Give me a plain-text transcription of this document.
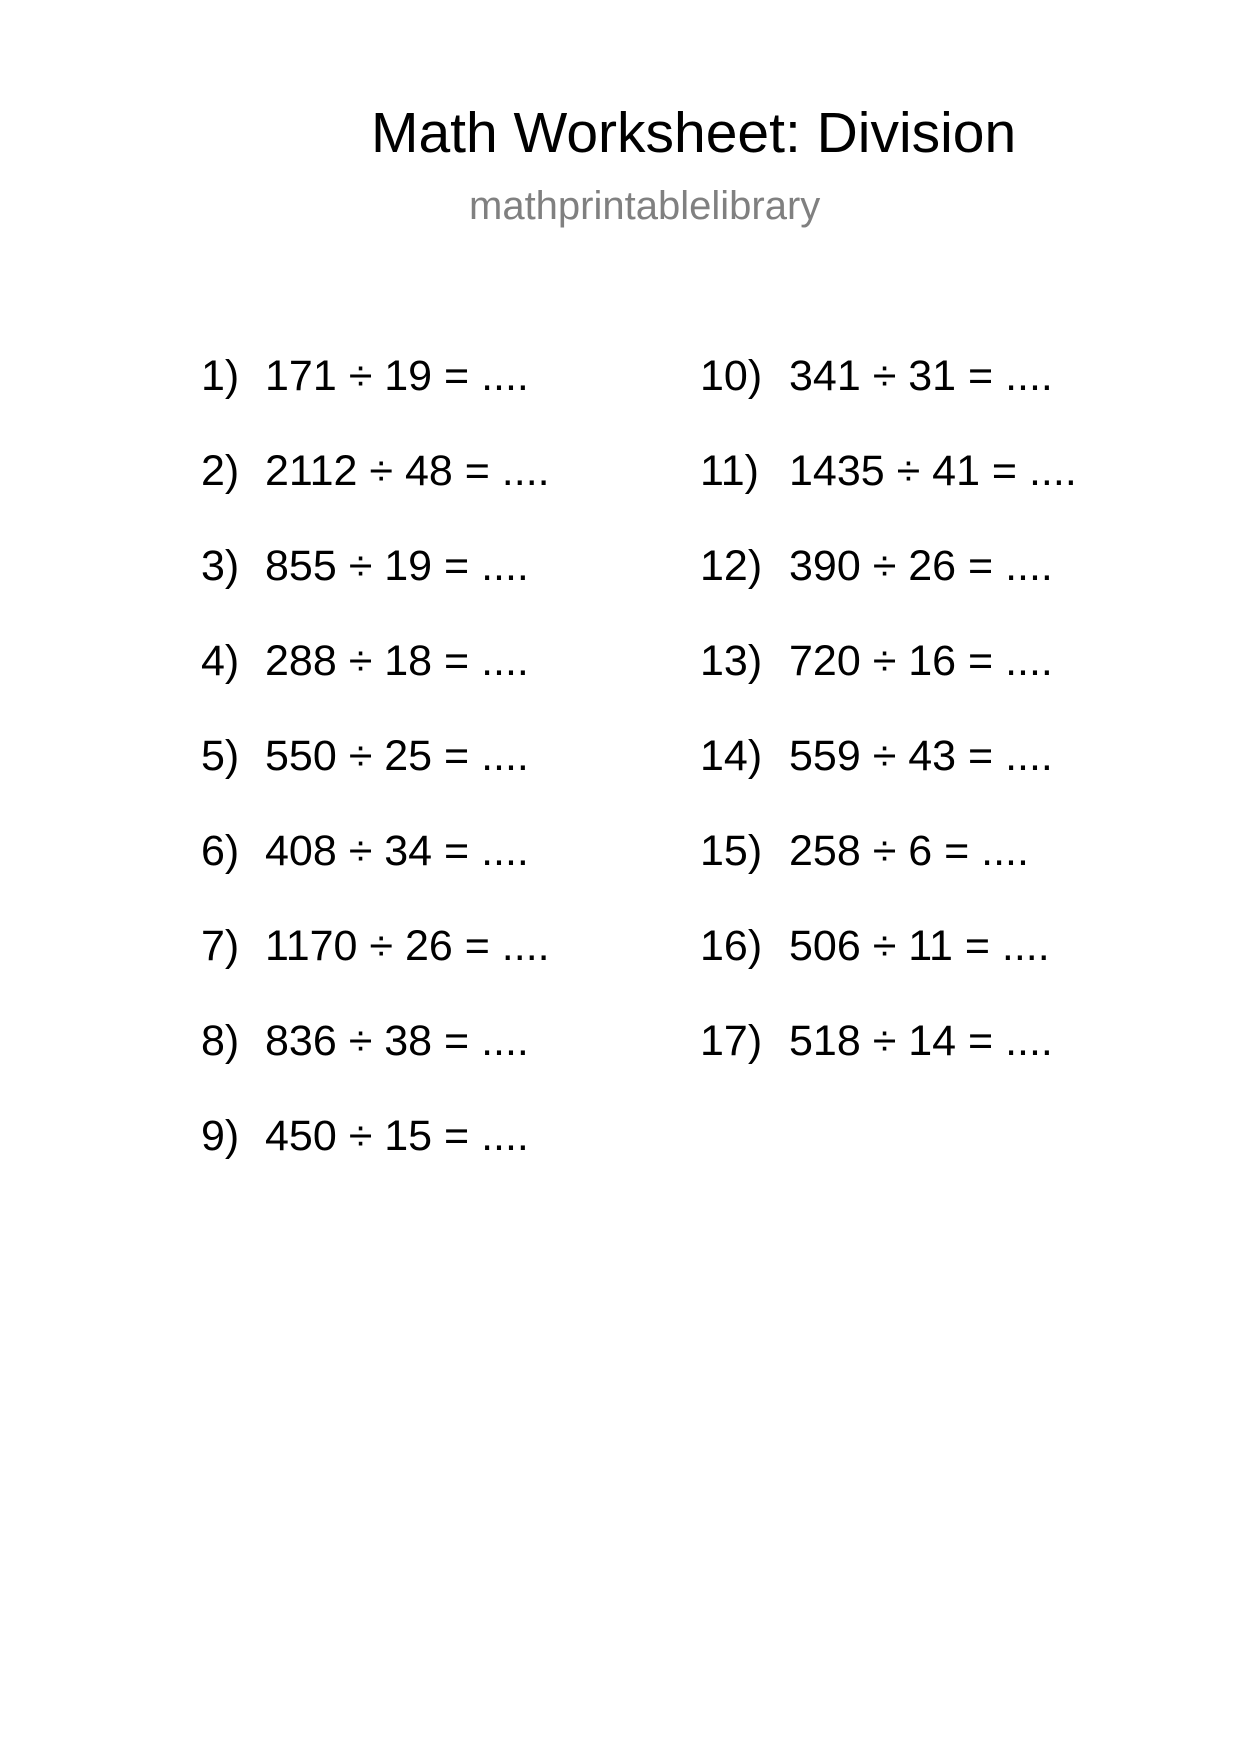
Math Worksheet: Division
mathprintablelibrary
1) 171 ÷ 19 = ....
2) 2112 ÷ 48 = ....
3) 855 ÷ 19 = ....
4) 288 ÷ 18 = ....
5) 550 ÷ 25 = ....
6) 408 ÷ 34 = ....
7) 1170 ÷ 26 = ....
8) 836 ÷ 38 = ....
9) 450 ÷ 15 = ....
10) 341 ÷ 31 = ....
11) 1435 ÷ 41 = ....
12) 390 ÷ 26 = ....
13) 720 ÷ 16 = ....
14) 559 ÷ 43 = ....
15) 258 ÷ 6 = ....
16) 506 ÷ 11 = ....
17) 518 ÷ 14 = ....
